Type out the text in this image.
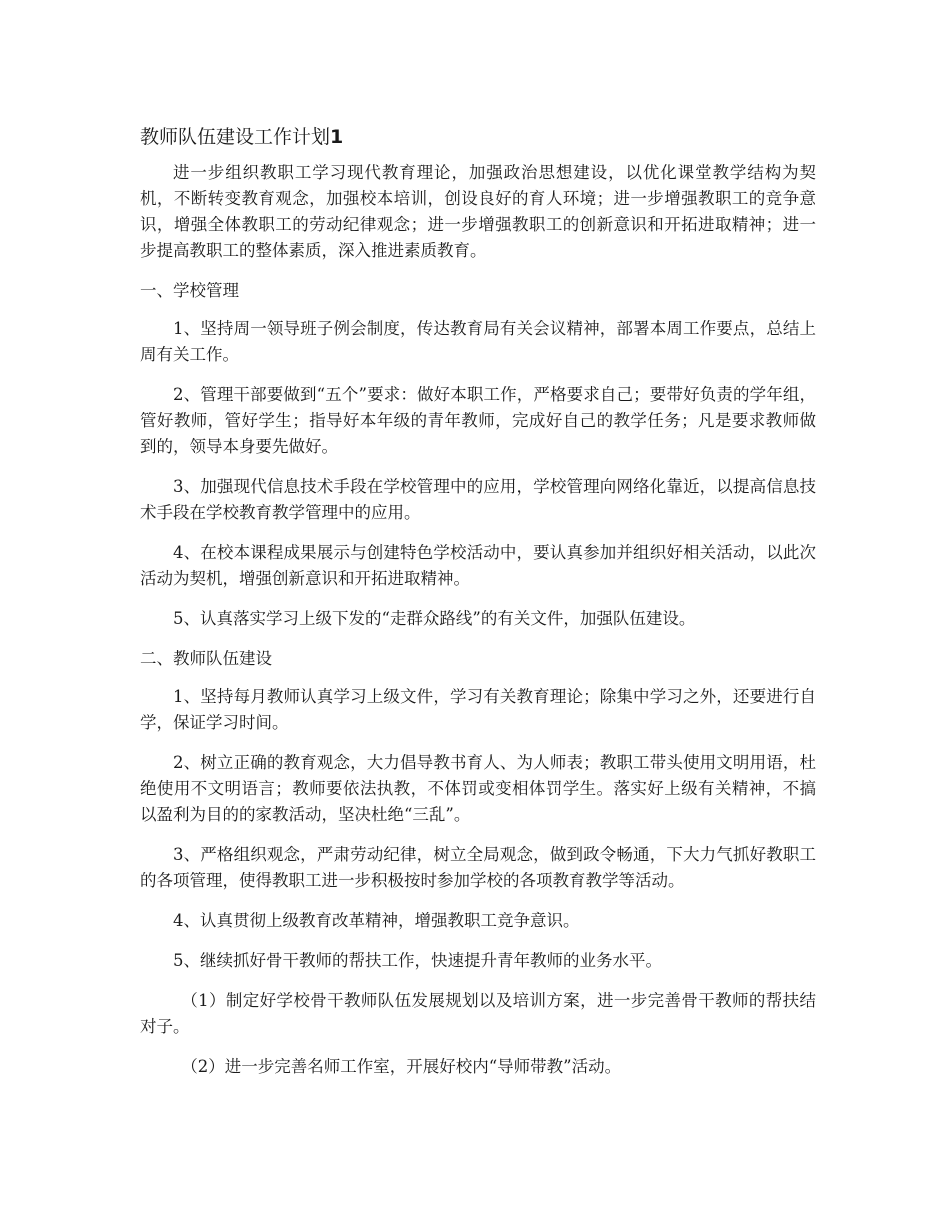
教师队伍建设工作计划1

进一步组织教职工学习现代教育理论，加强政治思想建设，以优化课堂教学结构为契机，不断转变教育观念，加强校本培训，创设良好的育人环境；进一步增强教职工的竞争意识，增强全体教职工的劳动纪律观念；进一步增强教职工的创新意识和开拓进取精神；进一步提高教职工的整体素质，深入推进素质教育。

一、学校管理

1、坚持周一领导班子例会制度，传达教育局有关会议精神，部署本周工作要点，总结上周有关工作。

2、管理干部要做到“五个”要求：做好本职工作，严格要求自己；要带好负责的学年组，管好教师，管好学生；指导好本年级的青年教师，完成好自己的教学任务；凡是要求教师做到的，领导本身要先做好。

3、加强现代信息技术手段在学校管理中的应用，学校管理向网络化靠近，以提高信息技术手段在学校教育教学管理中的应用。

4、在校本课程成果展示与创建特色学校活动中，要认真参加并组织好相关活动，以此次活动为契机，增强创新意识和开拓进取精神。

5、认真落实学习上级下发的“走群众路线”的有关文件，加强队伍建设。

二、教师队伍建设

1、坚持每月教师认真学习上级文件，学习有关教育理论；除集中学习之外，还要进行自学，保证学习时间。

2、树立正确的教育观念，大力倡导教书育人、为人师表；教职工带头使用文明用语，杜绝使用不文明语言；教师要依法执教，不体罚或变相体罚学生。落实好上级有关精神，不搞以盈利为目的的家教活动，坚决杜绝“三乱”。

3、严格组织观念，严肃劳动纪律，树立全局观念，做到政令畅通，下大力气抓好教职工的各项管理，使得教职工进一步积极按时参加学校的各项教育教学等活动。

4、认真贯彻上级教育改革精神，增强教职工竞争意识。

5、继续抓好骨干教师的帮扶工作，快速提升青年教师的业务水平。

（1）制定好学校骨干教师队伍发展规划以及培训方案，进一步完善骨干教师的帮扶结对子。

（2）进一步完善名师工作室，开展好校内“导师带教”活动。
